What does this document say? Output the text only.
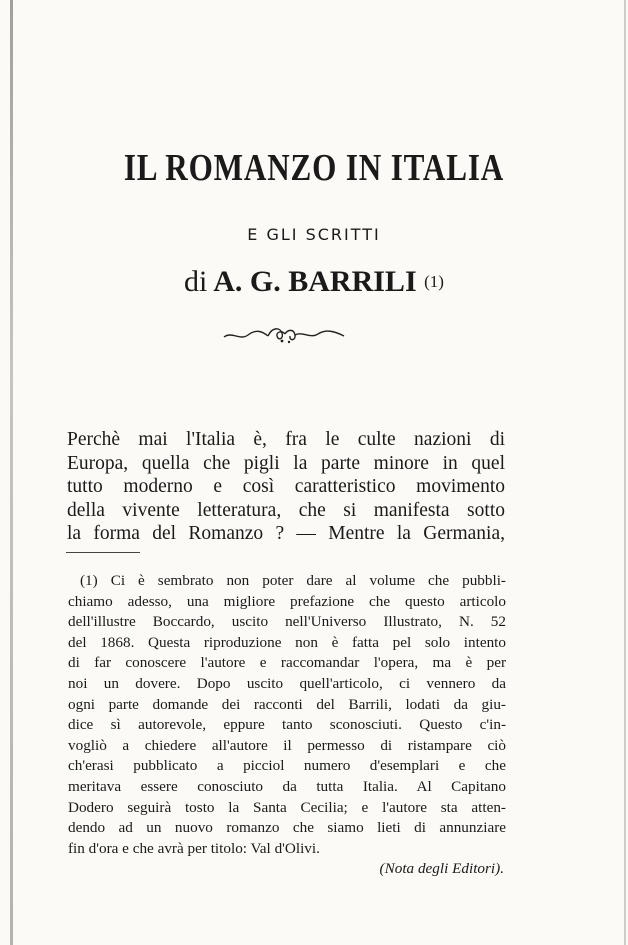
IL ROMANZO IN ITALIA
E GLI SCRITTI
di A. G. BARRILI (1)
Perchè mai l'Italia è, fra le culte nazioni di
Europa, quella che pigli la parte minore in quel
tutto moderno e così caratteristico movimento
della vivente letteratura, che si manifesta sotto
la forma del Romanzo ? — Mentre la Germania,
(1) Ci è sembrato non poter dare al volume che pubbli-
chiamo adesso, una migliore prefazione che questo articolo
dell'illustre Boccardo, uscito nell'Universo Illustrato, N. 52
del 1868. Questa riproduzione non è fatta pel solo intento
di far conoscere l'autore e raccomandar l'opera, ma è per
noi un dovere. Dopo uscito quell'articolo, ci vennero da
ogni parte domande dei racconti del Barrili, lodati da giu-
dice sì autorevole, eppure tanto sconosciuti. Questo c'in-
vogliò a chiedere all'autore il permesso di ristampare ciò
ch'erasi pubblicato a picciol numero d'esemplari e che
meritava essere conosciuto da tutta Italia. Al Capitano
Dodero seguirà tosto la Santa Cecilia; e l'autore sta atten-
dendo ad un nuovo romanzo che siamo lieti di annunziare
fin d'ora e che avrà per titolo: Val d'Olivi.
(Nota degli Editori).
